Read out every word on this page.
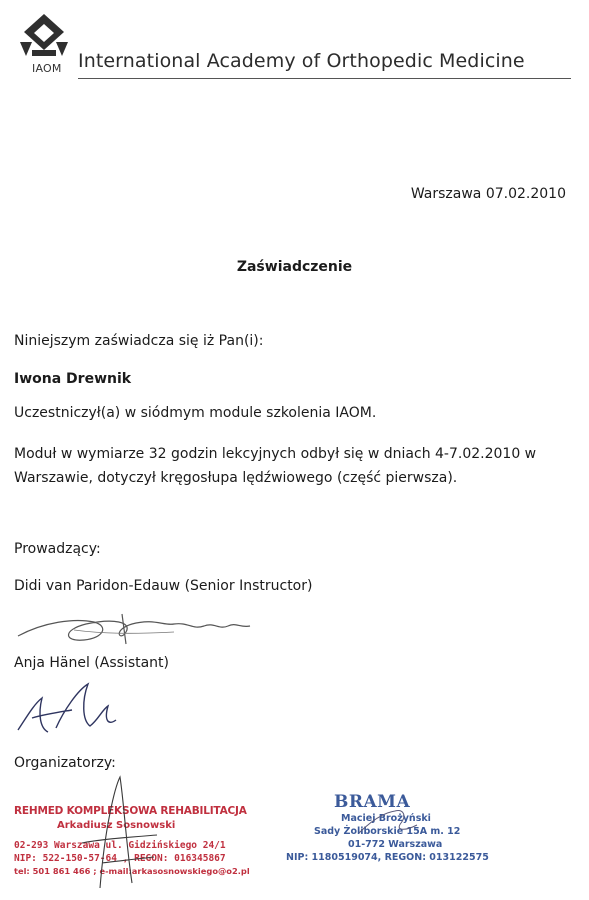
IAOM International Academy of Orthopedic Medicine
Warszawa 07.02.2010
Zaświadczenie
Niniejszym zaświadcza się iż Pan(i):
Iwona Drewnik
Uczestniczył(a) w siódmym module szkolenia IAOM.
Moduł w wymiarze 32 godzin lekcyjnych odbył się w dniach 4-7.02.2010 w Warszawie, dotyczył kręgosłupa lędźwiowego (część pierwsza).
Prowadzący:
Didi van Paridon-Edauw (Senior Instructor)
Anja Hänel (Assistant)
Organizatorzy:
REHMED KOMPLEKSOWA REHABILITACJA
Arkadiusz Sosnowski
02-293 Warszawa ul. Gidzińskiego 24/1
NIP: 522-150-57-64 , REGON: 016345867
tel: 501 861 466 ; e-mail:arkasosnowskiego@o2.pl
BRAMA
Maciej Brożyński
Sady Żoliborskie 15A m. 12
01-772 Warszawa
NIP: 1180519074, REGON: 013122575
